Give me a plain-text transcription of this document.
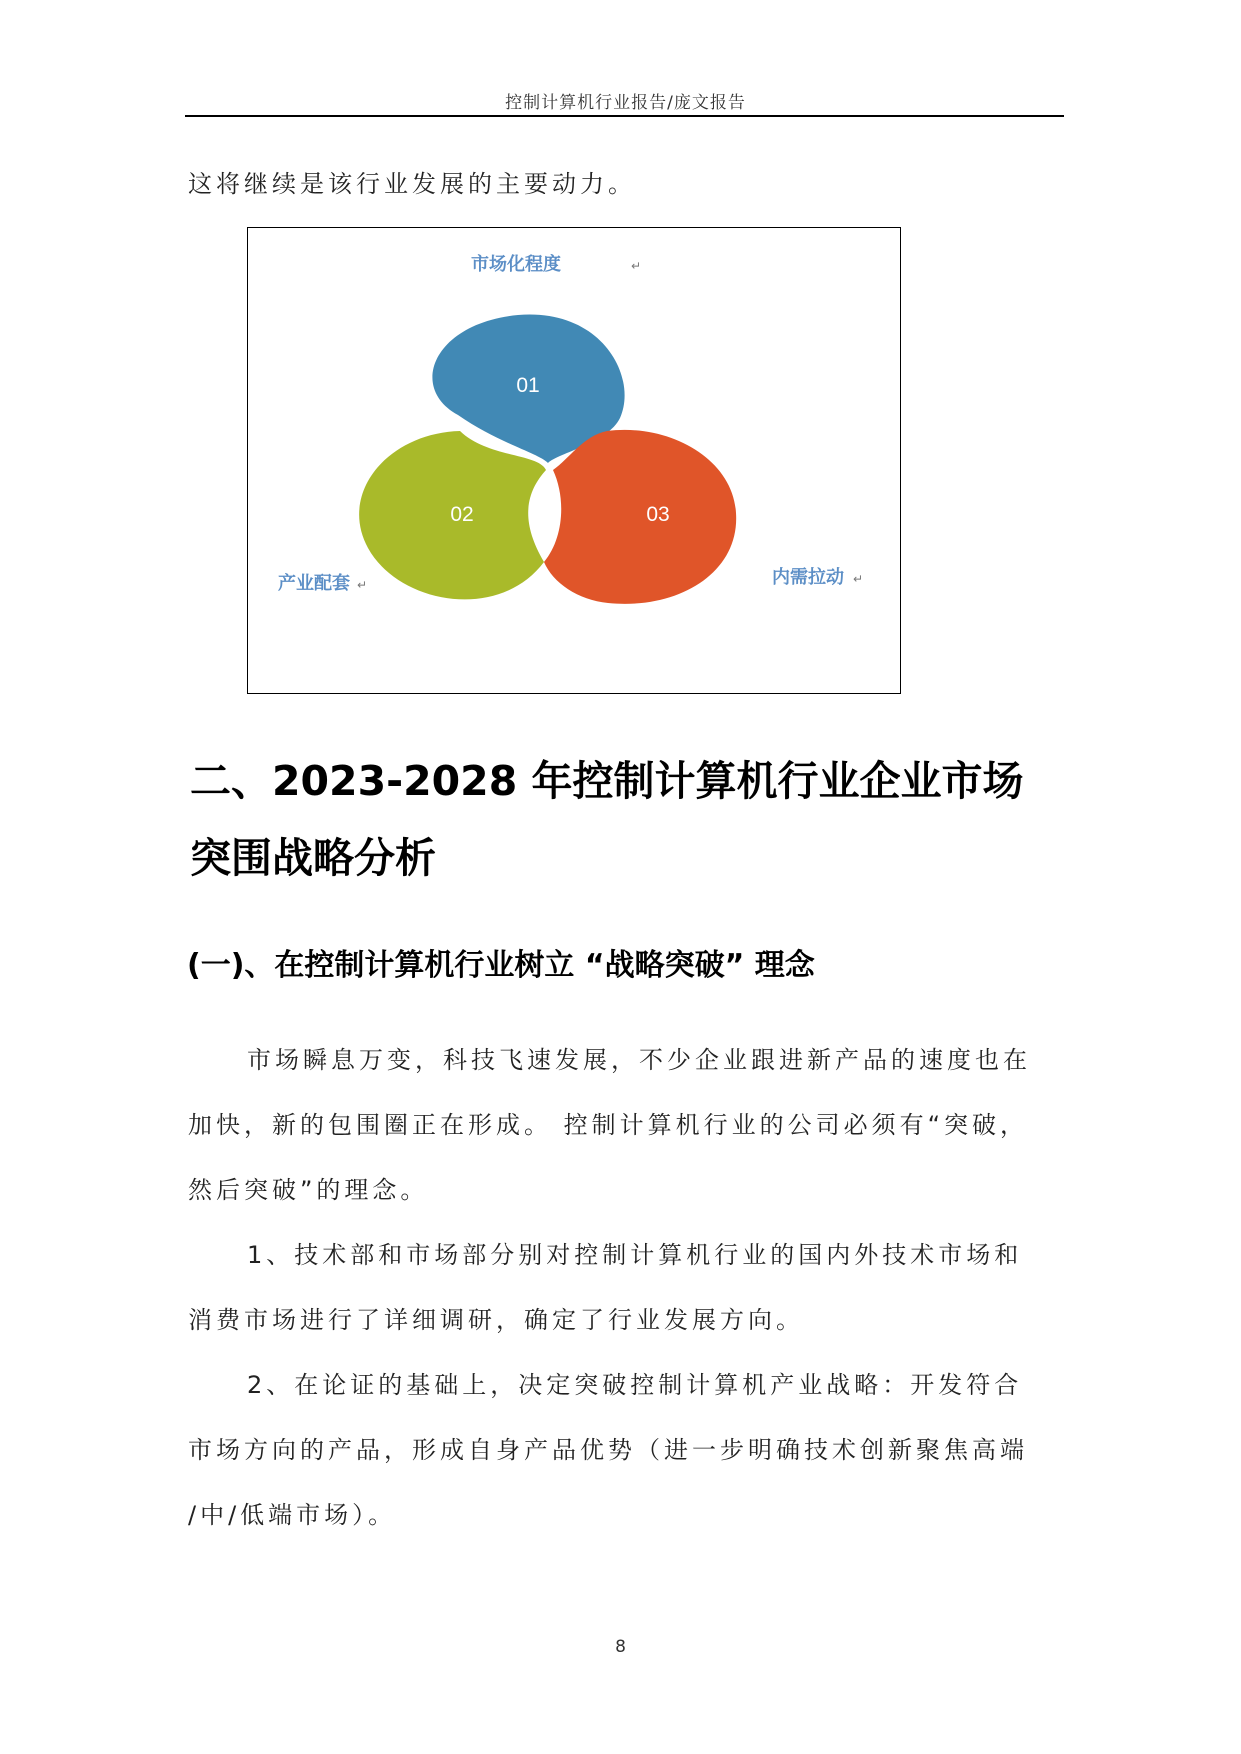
控制计算机行业报告/庞文报告
这将继续是该行业发展的主要动力。
01
02	03
市场化程度	↵
产业配套 ↵	内需拉动 ↵
二、2023-2028 年控制计算机行业企业市场
突围战略分析
(一)、在控制计算机行业树立 “战略突破” 理念
市场瞬息万变，科技飞速发展，不少企业跟进新产品的速度也在
加快，新的包围圈正在形成。 控制计算机行业的公司必须有“突破，
然后突破”的理念。
1、技术部和市场部分别对控制计算机行业的国内外技术市场和
消费市场进行了详细调研，确定了行业发展方向。
2、在论证的基础上，决定突破控制计算机产业战略：开发符合
市场方向的产品，形成自身产品优势（进一步明确技术创新聚焦高端
/中/低端市场）。
8
